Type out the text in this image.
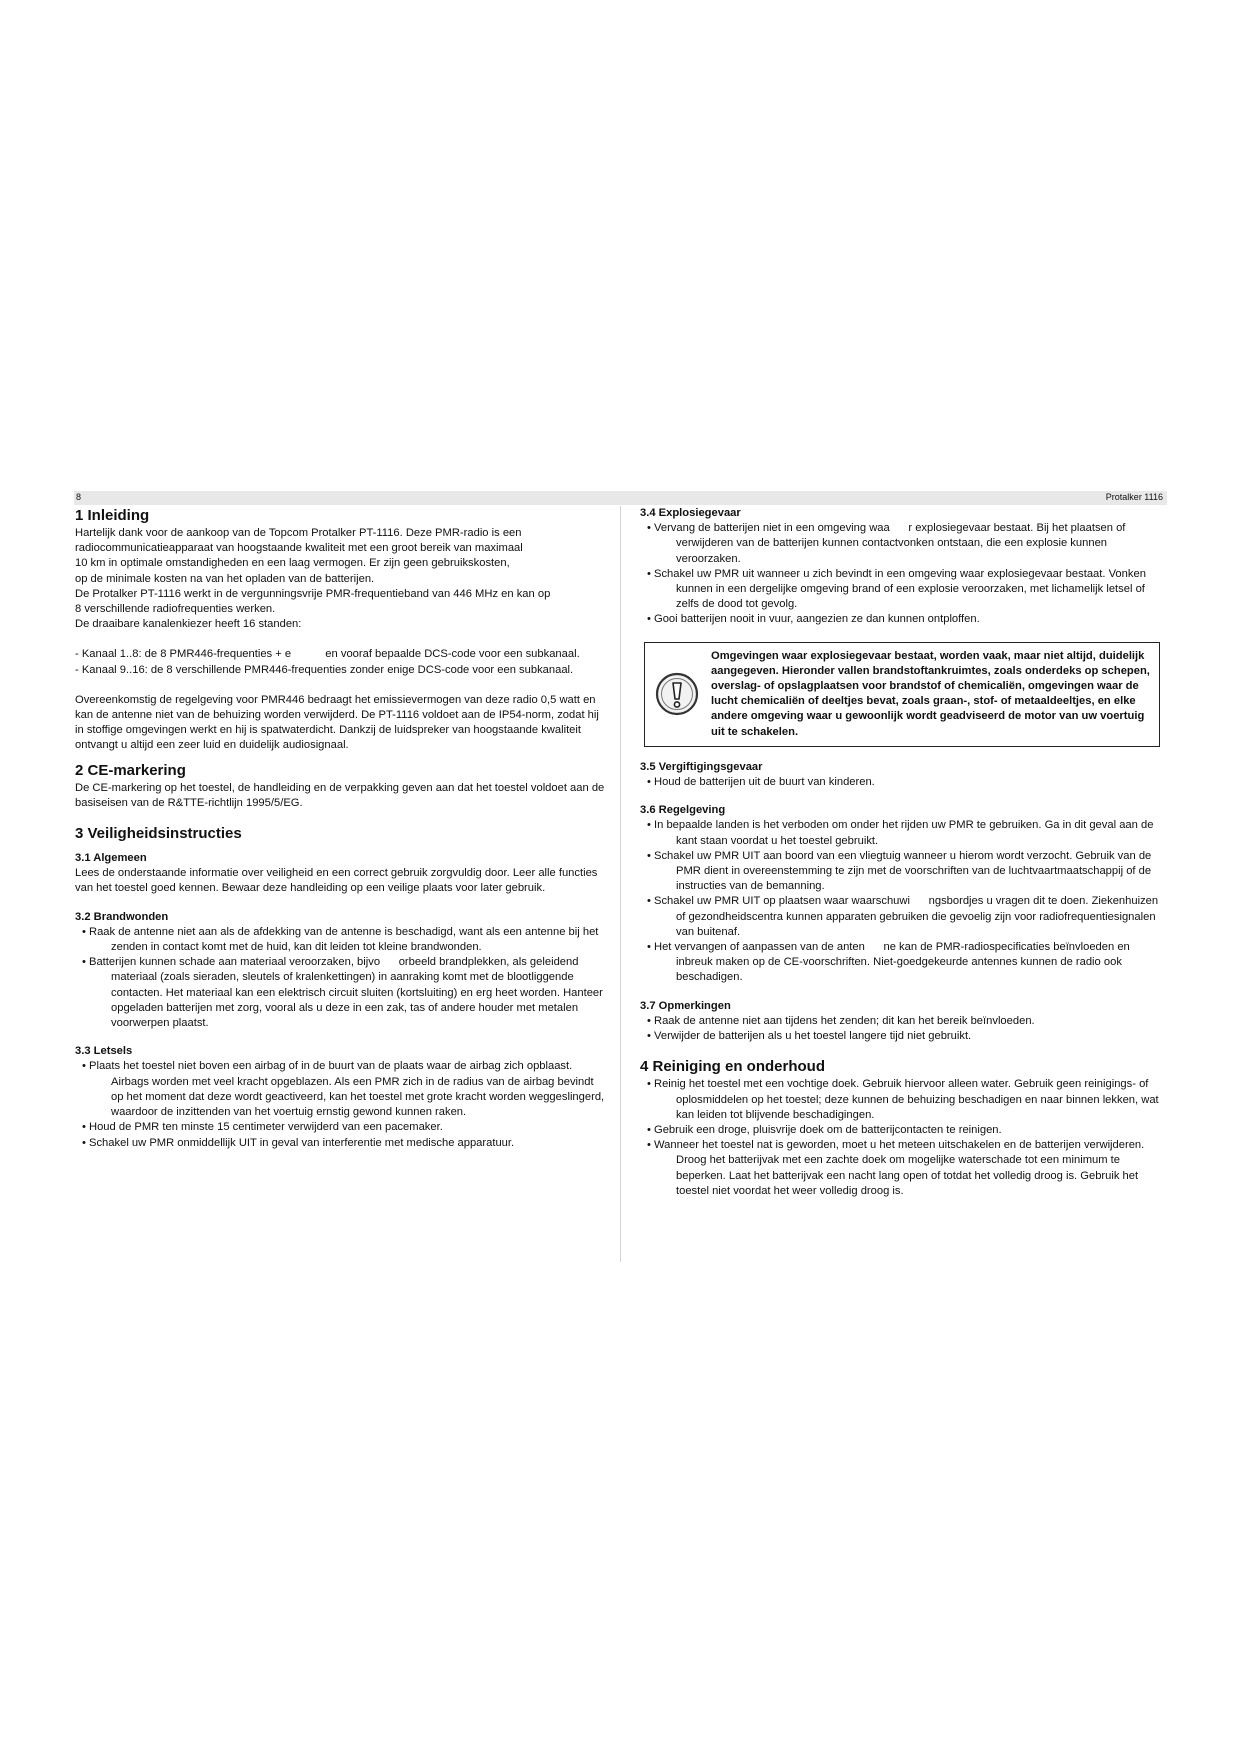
8	Protalker 1116
1 Inleiding

Hartelijk dank voor de aankoop van de Topcom Protalker PT-1116. Deze PMR-radio is een

radiocommunicatieapparaat van hoogstaande kwaliteit met een groot bereik van maximaal

10 km in optimale omstandigheden en een laag vermogen. Er zijn geen gebruikskosten,

op de minimale kosten na van het opladen van de batterijen.

De Protalker PT-1116 werkt in de vergunningsvrije PMR-frequentieband van 446 MHz en kan op

8 verschillende radiofrequenties werken.

De draaibare kanalenkiezer heeft 16 standen:

- Kanaal 1..8: de 8 PMR446-frequenties + e           en vooraf bepaalde DCS-code voor een subkanaal.

- Kanaal 9..16: de 8 verschillende PMR446-frequenties zonder enige DCS-code voor een subkanaal.

Overeenkomstig de regelgeving voor PMR446 bedraagt het emissievermogen van deze radio 0,5 watt en kan de antenne niet van de behuizing worden verwijderd. De PT-1116 voldoet aan de IP54-norm, zodat hij in stoffige omgevingen werkt en hij is spatwaterdicht. Dankzij de luidspreker van hoogstaande kwaliteit ontvangt u altijd een zeer luid en duidelijk audiosignaal.

2 CE-markering

De CE-markering op het toestel, de handleiding en de verpakking geven aan dat het toestel voldoet aan de basiseisen van de R&TTE-richtlijn 1995/5/EG.

3 Veiligheidsinstructies
3.1 Algemeen

Lees de onderstaande informatie over veiligheid en een correct gebruik zorgvuldig door. Leer alle functies van het toestel goed kennen. Bewaar deze handleiding op een veilige plaats voor later gebruik.

3.2 Brandwonden
• Raak de antenne niet aan als de afdekking van de antenne is beschadigd, want als een antenne bij het zenden in contact komt met de huid, kan dit leiden tot kleine brandwonden.
• Batterijen kunnen schade aan materiaal veroorzaken, bijvo      orbeeld brandplekken, als geleidend materiaal (zoals sieraden, sleutels of kralenkettingen) in aanraking komt met de blootliggende contacten. Het materiaal kan een elektrisch circuit sluiten (kortsluiting) en erg heet worden. Hanteer opgeladen batterijen met zorg, vooral als u deze in een zak, tas of andere houder met metalen voorwerpen plaatst.
3.3 Letsels
• Plaats het toestel niet boven een airbag of in de buurt van de plaats waar de airbag zich opblaast. Airbags worden met veel kracht opgeblazen. Als een PMR zich in de radius van de airbag bevindt op het moment dat deze wordt geactiveerd, kan het toestel met grote kracht worden weggeslingerd, waardoor de inzittenden van het voertuig ernstig gewond kunnen raken.
• Houd de PMR ten minste 15 centimeter verwijderd van een pacemaker.
• Schakel uw PMR onmiddellijk UIT in geval van interferentie met medische apparatuur.
3.4 Explosiegevaar
• Vervang de batterijen niet in een omgeving waa      r explosiegevaar bestaat. Bij het plaatsen of verwijderen van de batterijen kunnen contactvonken ontstaan, die een explosie kunnen veroorzaken.
• Schakel uw PMR uit wanneer u zich bevindt in een omgeving waar explosiegevaar bestaat. Vonken kunnen in een dergelijke omgeving brand of een explosie veroorzaken, met lichamelijk letsel of zelfs de dood tot gevolg.
• Gooi batterijen nooit in vuur, aangezien ze dan kunnen ontploffen.
Omgevingen waar explosiegevaar bestaat, worden vaak, maar niet altijd, duidelijk aangegeven. Hieronder vallen brandstoftankruimtes, zoals onderdeks op schepen, overslag- of opslagplaatsen voor brandstof of chemicaliën, omgevingen waar de lucht chemicaliën of deeltjes bevat, zoals graan-, stof- of metaaldeeltjes, en elke andere omgeving waar u gewoonlijk wordt geadviseerd de motor van uw voertuig uit te schakelen.
3.5 Vergiftigingsgevaar
• Houd de batterijen uit de buurt van kinderen.
3.6 Regelgeving
• In bepaalde landen is het verboden om onder het rijden uw PMR te gebruiken. Ga in dit geval aan de kant staan voordat u het toestel gebruikt.
• Schakel uw PMR UIT aan boord van een vliegtuig wanneer u hierom wordt verzocht. Gebruik van de PMR dient in overeenstemming te zijn met de voorschriften van de luchtvaartmaatschappij of de instructies van de bemanning.
• Schakel uw PMR UIT op plaatsen waar waarschuwi      ngsbordjes u vragen dit te doen. Ziekenhuizen of gezondheidscentra kunnen apparaten gebruiken die gevoelig zijn voor radiofrequentiesignalen van buitenaf.
• Het vervangen of aanpassen van de anten      ne kan de PMR-radiospecificaties beïnvloeden en inbreuk maken op de CE-voorschriften. Niet-goedgekeurde antennes kunnen de radio ook beschadigen.
3.7 Opmerkingen
• Raak de antenne niet aan tijdens het zenden; dit kan het bereik beïnvloeden.
• Verwijder de batterijen als u het toestel langere tijd niet gebruikt.
4 Reiniging en onderhoud
• Reinig het toestel met een vochtige doek. Gebruik hiervoor alleen water. Gebruik geen reinigings- of oplosmiddelen op het toestel; deze kunnen de behuizing beschadigen en naar binnen lekken, wat kan leiden tot blijvende beschadigingen.
• Gebruik een droge, pluisvrije doek om de batterijcontacten te reinigen.
• Wanneer het toestel nat is geworden, moet u het meteen uitschakelen en de batterijen verwijderen. Droog het batterijvak met een zachte doek om mogelijke waterschade tot een minimum te beperken. Laat het batterijvak een nacht lang open of totdat het volledig droog is. Gebruik het toestel niet voordat het weer volledig droog is.
